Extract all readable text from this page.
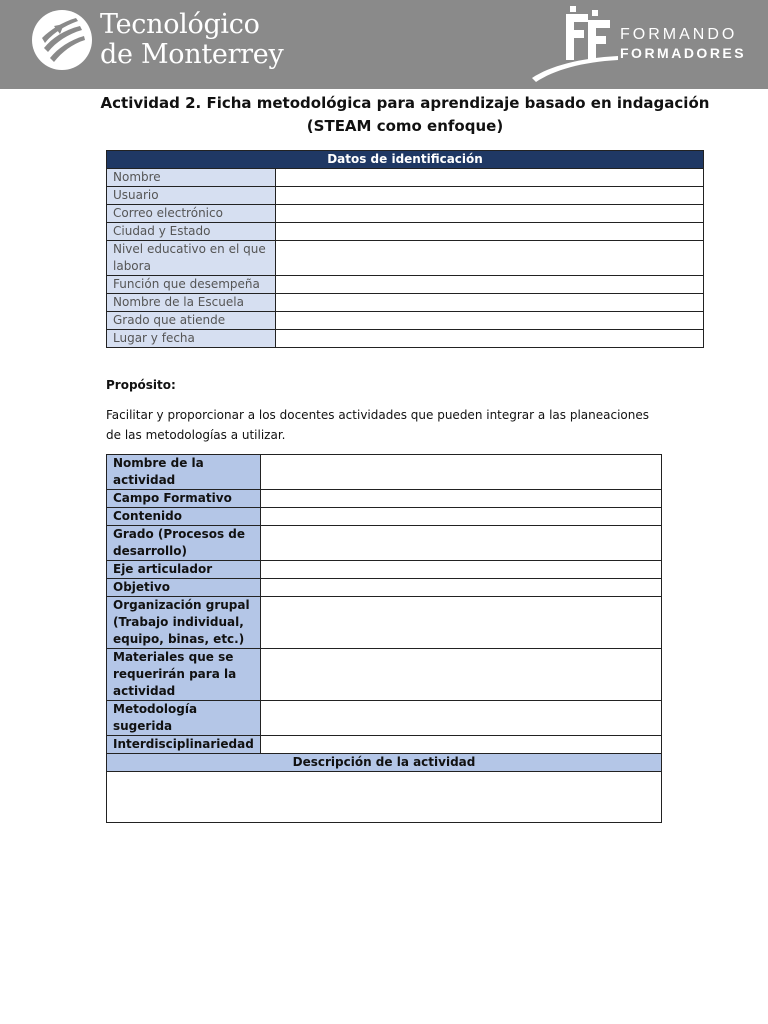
Tecnológico
de Monterrey
FORMANDO
FORMADORES
Actividad 2. Ficha metodológica para aprendizaje basado en indagación (STEAM como enfoque)
Datos de identificación	
Nombre	
Usuario	
Correo electrónico	
Ciudad y Estado	
Nivel educativo en el que labora	
Función que desempeña	
Nombre de la Escuela	
Grado que atiende	
Lugar y fecha	
Propósito:
Facilitar y proporcionar a los docentes actividades que pueden integrar a las planeaciones de las metodologías a utilizar.
Nombre de la actividad	
Campo Formativo	
Contenido	
Grado (Procesos de desarrollo)	
Eje articulador	
Objetivo	
Organización grupal (Trabajo individual, equipo, binas, etc.)	
Materiales que se requerirán para la actividad	
Metodología sugerida	
Interdisciplinariedad	
Descripción de la actividad	
